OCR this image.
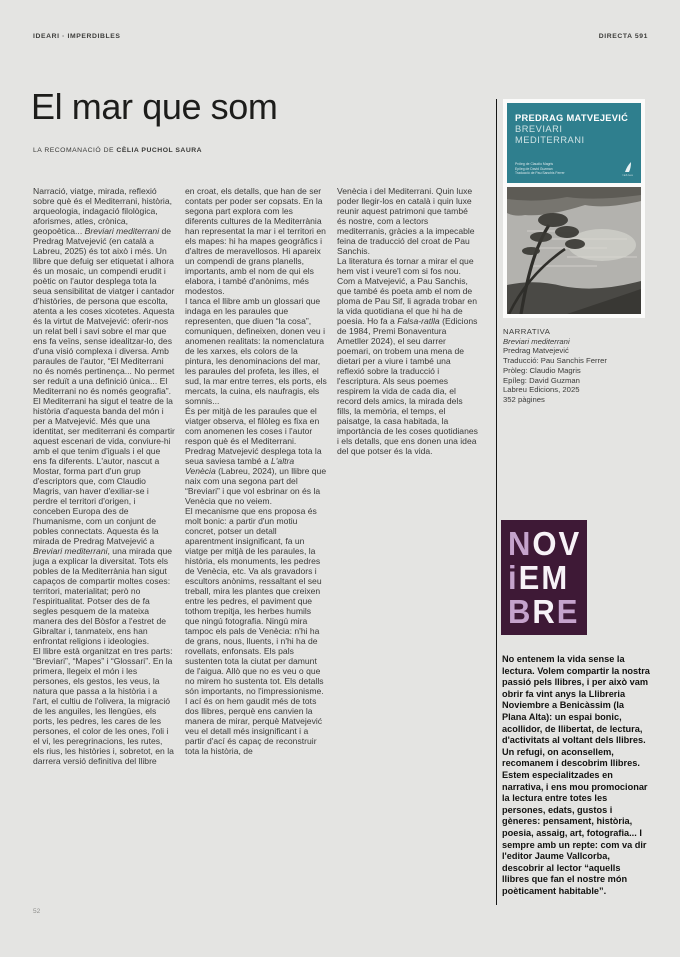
IDEARI · IMPERDIBLES	DIRECTA 591
El mar que som
LA RECOMANACIÓ DE CÈLIA PUCHOL SAURA

Narració, viatge, mirada, reflexió sobre què és el Mediterrani, història, arqueologia, indagació filològica, aforismes, atles, crònica, geopoètica... Breviari mediterrani de Predrag Matvejević (en català a Labreu, 2025) és tot això i més. Un llibre que defuig ser etiquetat i alhora és un mosaic, un compendi erudit i poètic on l'autor desplega tota la seua sensibilitat de viatger i cantador d'històries, de persona que escolta, atenta a les coses xicotetes. Aquesta és la virtut de Matvejević: oferir-nos un relat bell i savi sobre el mar que ens fa veïns, sense idealitzar-lo, des d'una visió complexa i diversa. Amb paraules de l'autor, “El Mediterrani no és només pertinença... No permet ser reduït a una definició única... El Mediterrani no és només geografia”.

El Mediterrani ha sigut el teatre de la història d'aquesta banda del món i per a Matvejević. Més que una identitat, ser mediterrani és compartir aquest escenari de vida, conviure-hi amb el que tenim d'iguals i el que ens fa diferents. L'autor, nascut a Mostar, forma part d'un grup d'escriptors que, com Claudio Magris, van haver d'exiliar-se i perdre el territori d'origen, i conceben Europa des de l'humanisme, com un conjunt de pobles connectats. Aquesta és la mirada de Predrag Matvejević a Breviari mediterrani, una mirada que juga a explicar la diversitat. Tots els pobles de la Mediterrània han sigut capaços de compartir moltes coses: territori, materialitat; però no l'espiritualitat. Potser des de fa segles pesquem de la mateixa manera des del Bòsfor a l'estret de Gibraltar i, tanmateix, ens han enfrontat religions i ideologies.

El llibre està organitzat en tres parts: “Breviari”, “Mapes” i “Glossari”. En la primera, llegeix el món i les persones, els gestos, les veus, la natura que passa a la història i a l'art, el cultiu de l'olivera, la migració de les anguiles, les llengües, els ports, les pedres, les cares de les persones, el color de les ones, l'oli i el vi, les peregrinacions, les rutes, els rius, les històries i, sobretot, en la darrera versió definitiva del llibre

en croat, els detalls, que han de ser contats per poder ser copsats. En la segona part explora com les diferents cultures de la Mediterrània han representat la mar i el territori en els mapes: hi ha mapes geogràfics i d'altres de meravellosos. Hi apareix un compendi de grans planells, importants, amb el nom de qui els elabora, i també d'anònims, més modestos.

I tanca el llibre amb un glossari que indaga en les paraules que representen, que diuen “la cosa”, comuniquen, defineixen, donen veu i anomenen realitats: la nomenclatura de les xarxes, els colors de la pintura, les denominacions del mar, les paraules del profeta, les illes, el sud, la mar entre terres, els ports, els mercats, la cuina, els naufragis, els somnis...

És per mitjà de les paraules que el viatger observa, el filòleg es fixa en com anomenen les coses i l'autor respon què és el Mediterrani. Predrag Matvejević desplega tota la seua saviesa també a L'altra Venècia (Labreu, 2024), un llibre que naix com una segona part del “Breviari” i que vol esbrinar on és la Venècia que no veiem.

El mecanisme que ens proposa és molt bonic: a partir d'un motiu concret, potser un detall aparentment insignificant, fa un viatge per mitjà de les paraules, la història, els monuments, les pedres de Venècia, etc. Va als gravadors i escultors anònims, ressaltant el seu treball, mira les plantes que creixen entre les pedres, el paviment que tothom trepitja, les herbes humils que ningú fotografia. Ningú mira tampoc els pals de Venècia: n'hi ha de grans, nous, lluents, i n'hi ha de rovellats, enfonsats. Els pals sustenten tota la ciutat per damunt de l'aigua. Allò que no es veu o que no mirem ho sustenta tot. Els detalls són importants, no l'impressionisme.

I ací és on hem gaudit més de tots dos llibres, perquè ens canvien la manera de mirar, perquè Matvejević veu el detall més insignificant i a partir d'ací és capaç de reconstruir tota la història, de

Venècia i del Mediterrani. Quin luxe poder llegir-los en català i quin luxe reunir aquest patrimoni que també és nostre, com a lectors mediterranis, gràcies a la impecable feina de traducció del croat de Pau Sanchis.

La literatura és tornar a mirar el que hem vist i veure'l com si fos nou. Com a Matvejević, a Pau Sanchis, que també és poeta amb el nom de ploma de Pau Sif, li agrada trobar en la vida quotidiana el que hi ha de poesia. Ho fa a Falsa-ratlla (Edicions de 1984, Premi Bonaventura Ametller 2024), el seu darrer poemari, on trobem una mena de dietari per a viure i també una reflexió sobre la traducció i l'escriptura. Als seus poemes respirem la vida de cada dia, el record dels amics, la mirada dels fills, la memòria, el temps, el paisatge, la casa habitada, la importància de les coses quotidianes i els detalls, que ens donen una idea del que potser és la vida.

PREDRAG MATVEJEVIĆ
BREVIARI MEDITERRANI
Pròleg de Claudio Magris
Epíleg de David Guzman
Traducció de Pau Sanchis Ferrer	labreu
NARRATIVA
Breviari mediterrani
Predrag Matvejević
Traducció: Pau Sanchis Ferrer
Pròleg: Claudio Magris
Epíleg: David Guzman
Labreu Edicions, 2025
352 pàgines
N O V
i E M
B R E
No entenem la vida sense la lectura. Volem compartir la nostra passió pels llibres, i per això vam obrir fa vint anys la Llibreria Noviembre a Benicàssim (la Plana Alta): un espai bonic, acollidor, de llibertat, de lectura, d'activitats al voltant dels llibres. Un refugi, on aconsellem, recomanem i descobrim llibres. Estem especialitzades en narrativa, i ens mou promocionar la lectura entre totes les persones, edats, gustos i gèneres: pensament, història, poesia, assaig, art, fotografia... I sempre amb un repte: com va dir l'editor Jaume Vallcorba, descobrir al lector “aquells llibres que fan el nostre món poèticament habitable”.
52
